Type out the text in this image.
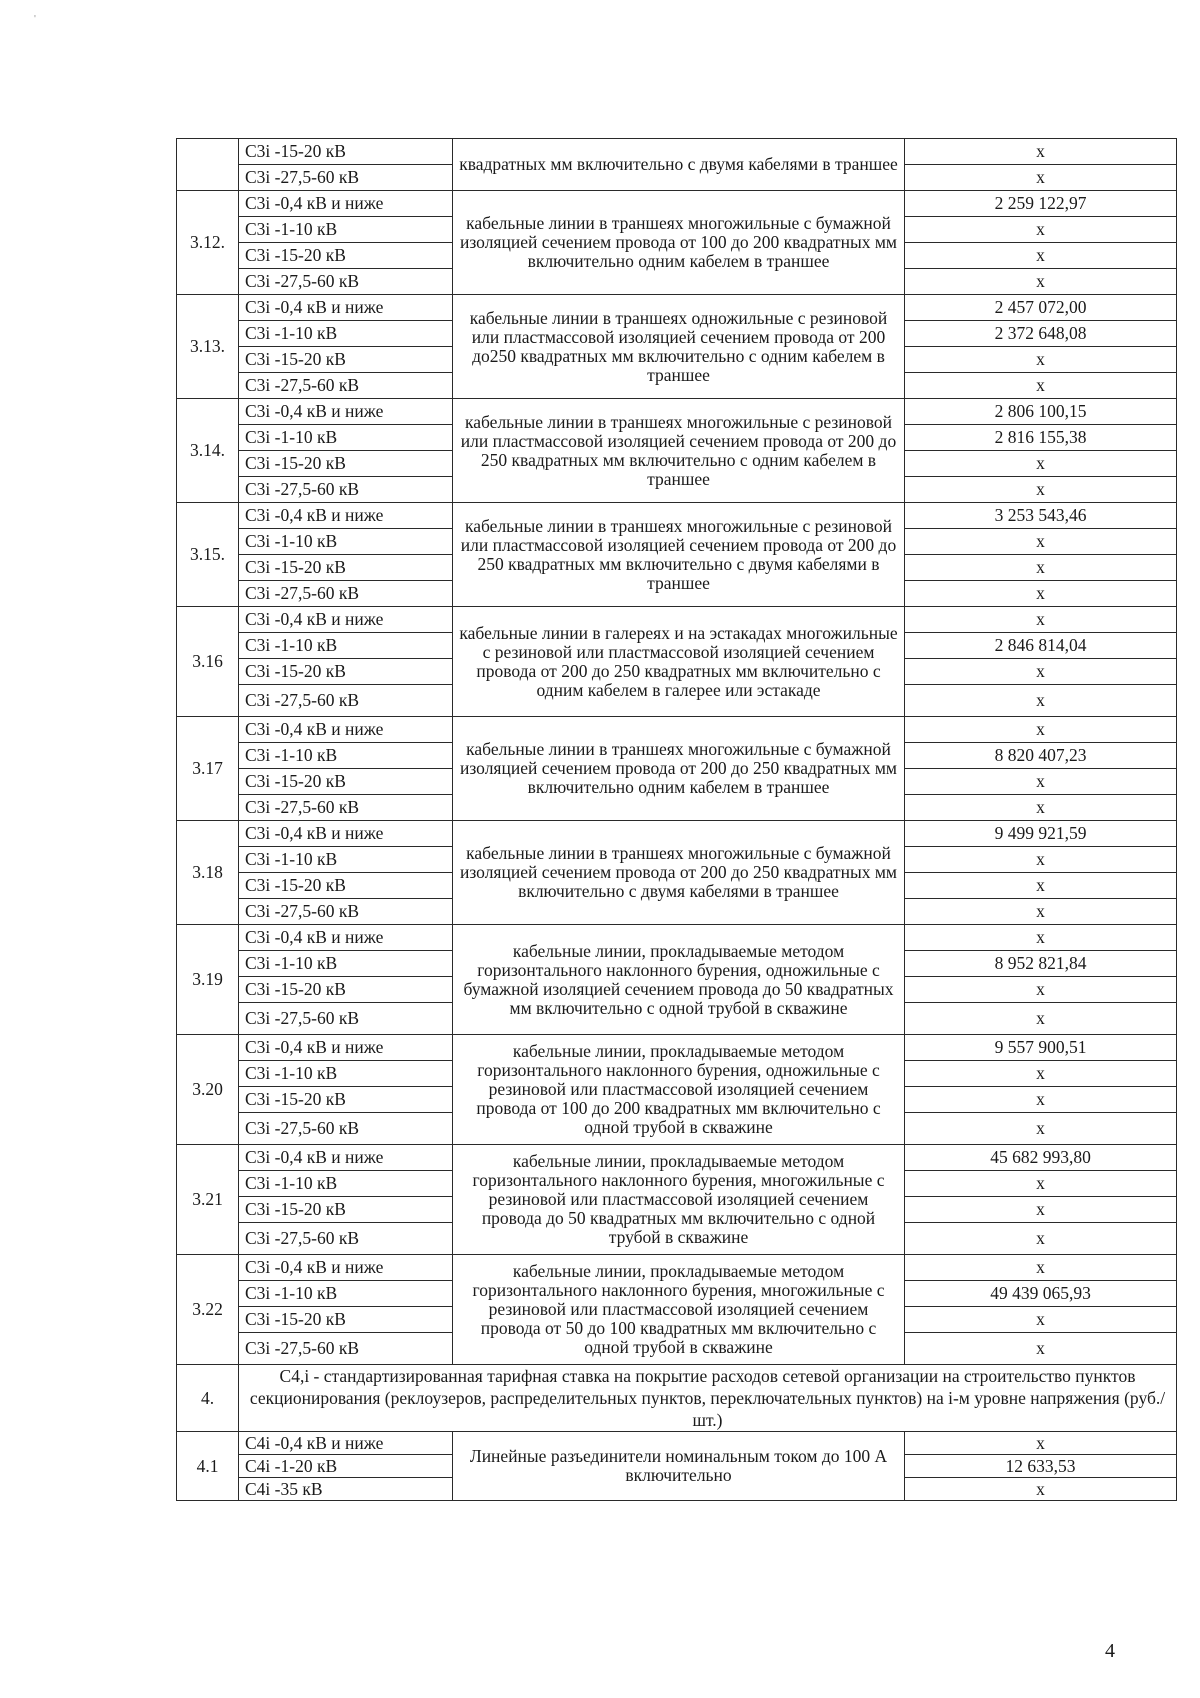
'
	С3i -15-20 кВ	квадратных мм включительно с двумя кабелями в траншее	х
	С3i -27,5-60 кВ		х
3.12.	С3i -0,4 кВ и ниже	кабельные линии в траншеях многожильные с бумажной изоляцией сечением провода от 100 до 200 квадратных мм включительно одним кабелем в траншее	2 259 122,97
	С3i -1-10 кВ		х
	С3i -15-20 кВ		х
	С3i -27,5-60 кВ		х
3.13.	С3i -0,4 кВ и ниже	кабельные линии в траншеях одножильные с резиновой или пластмассовой изоляцией сечением провода от 200 до250 квадратных мм включительно с одним кабелем в траншее	2 457 072,00
	С3i -1-10 кВ		2 372 648,08
	С3i -15-20 кВ		х
	С3i -27,5-60 кВ		х
3.14.	С3i -0,4 кВ и ниже	кабельные линии в траншеях многожильные с резиновой или пластмассовой изоляцией сечением провода от 200 до 250 квадратных мм включительно с одним кабелем в траншее	2 806 100,15
	С3i -1-10 кВ		2 816 155,38
	С3i -15-20 кВ		х
	С3i -27,5-60 кВ		х
3.15.	С3i -0,4 кВ и ниже	кабельные линии в траншеях многожильные с резиновой или пластмассовой изоляцией сечением провода от 200 до 250 квадратных мм включительно с двумя кабелями в траншее	3 253 543,46
	С3i -1-10 кВ		х
	С3i -15-20 кВ		х
	С3i -27,5-60 кВ		х
3.16	С3i -0,4 кВ и ниже	кабельные линии в галереях и на эстакадах многожильные с резиновой или пластмассовой изоляцией сечением провода от 200 до 250 квадратных мм включительно с одним кабелем в галерее или эстакаде	х
	С3i -1-10 кВ		2 846 814,04
	С3i -15-20 кВ		х
	С3i -27,5-60 кВ		х
3.17	С3i -0,4 кВ и ниже	кабельные линии в траншеях многожильные с бумажной изоляцией сечением провода от 200 до 250 квадратных мм включительно одним кабелем в траншее	х
	С3i -1-10 кВ		8 820 407,23
	С3i -15-20 кВ		х
	С3i -27,5-60 кВ		х
3.18	С3i -0,4 кВ и ниже	кабельные линии в траншеях многожильные с бумажной изоляцией сечением провода от 200 до 250 квадратных мм включительно с двумя кабелями в траншее	9 499 921,59
	С3i -1-10 кВ		х
	С3i -15-20 кВ		х
	С3i -27,5-60 кВ		х
3.19	С3i -0,4 кВ и ниже	кабельные линии, прокладываемые методом горизонтального наклонного бурения, одножильные с бумажной изоляцией сечением провода до 50 квадратных мм включительно с одной трубой в скважине	х
	С3i -1-10 кВ		8 952 821,84
	С3i -15-20 кВ		х
	С3i -27,5-60 кВ		х
3.20	С3i -0,4 кВ и ниже	кабельные линии, прокладываемые методом горизонтального наклонного бурения, одножильные с резиновой или пластмассовой изоляцией сечением провода от 100 до 200 квадратных мм включительно с одной трубой в скважине	9 557 900,51
	С3i -1-10 кВ		х
	С3i -15-20 кВ		х
	С3i -27,5-60 кВ		х
3.21	С3i -0,4 кВ и ниже	кабельные линии, прокладываемые методом горизонтального наклонного бурения, многожильные с резиновой или пластмассовой изоляцией сечением провода до 50 квадратных мм включительно с одной трубой в скважине	45 682 993,80
	С3i -1-10 кВ		х
	С3i -15-20 кВ		х
	С3i -27,5-60 кВ		х
3.22	С3i -0,4 кВ и ниже	кабельные линии, прокладываемые методом горизонтального наклонного бурения, многожильные с резиновой или пластмассовой изоляцией сечением провода от 50 до 100 квадратных мм включительно с одной трубой в скважине	х
	С3i -1-10 кВ		49 439 065,93
	С3i -15-20 кВ		х
	С3i -27,5-60 кВ		х
4.	С4,i - стандартизированная тарифная ставка на покрытие расходов сетевой организации на строительство пунктов секционирования (реклоузеров, распределительных пунктов, переключательных пунктов) на i-м уровне напряжения (руб./шт.)		
4.1	С4i -0,4 кВ и ниже	Линейные разъединители номинальным током до 100 А включительно	х
	С4i -1-20 кВ		12 633,53
	С4i -35 кВ		х
4
